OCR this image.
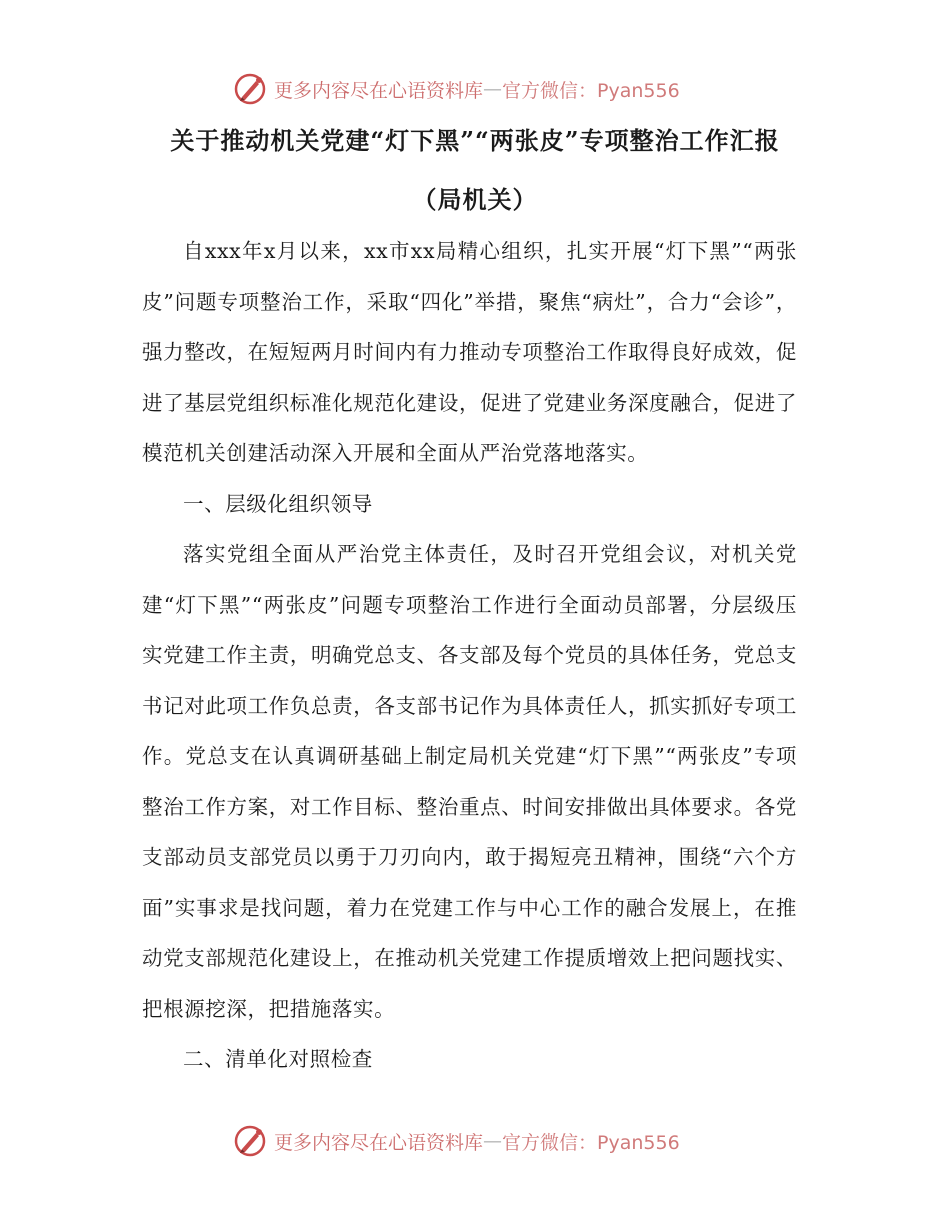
更多内容尽在心语资料库 — 官方微信：Pyan556
关于推动机关党建“灯下黑”“两张皮”专项整治工作汇报
（局机关）

自xxx年x月以来，xx市xx局精心组织，扎实开展“灯下黑”“两张皮”问题专项整治工作，采取“四化”举措，聚焦“病灶”，合力“会诊”，强力整改，在短短两月时间内有力推动专项整治工作取得良好成效，促进了基层党组织标准化规范化建设，促进了党建业务深度融合，促进了模范机关创建活动深入开展和全面从严治党落地落实。

一、层级化组织领导

落实党组全面从严治党主体责任，及时召开党组会议，对机关党建“灯下黑”“两张皮”问题专项整治工作进行全面动员部署，分层级压实党建工作主责，明确党总支、各支部及每个党员的具体任务，党总支书记对此项工作负总责，各支部书记作为具体责任人，抓实抓好专项工作。党总支在认真调研基础上制定局机关党建“灯下黑”“两张皮”专项整治工作方案，对工作目标、整治重点、时间安排做出具体要求。各党支部动员支部党员以勇于刀刃向内，敢于揭短亮丑精神，围绕“六个方面”实事求是找问题，着力在党建工作与中心工作的融合发展上，在推动党支部规范化建设上，在推动机关党建工作提质增效上把问题找实、把根源挖深，把措施落实。

二、清单化对照检查

更多内容尽在心语资料库 — 官方微信：Pyan556
